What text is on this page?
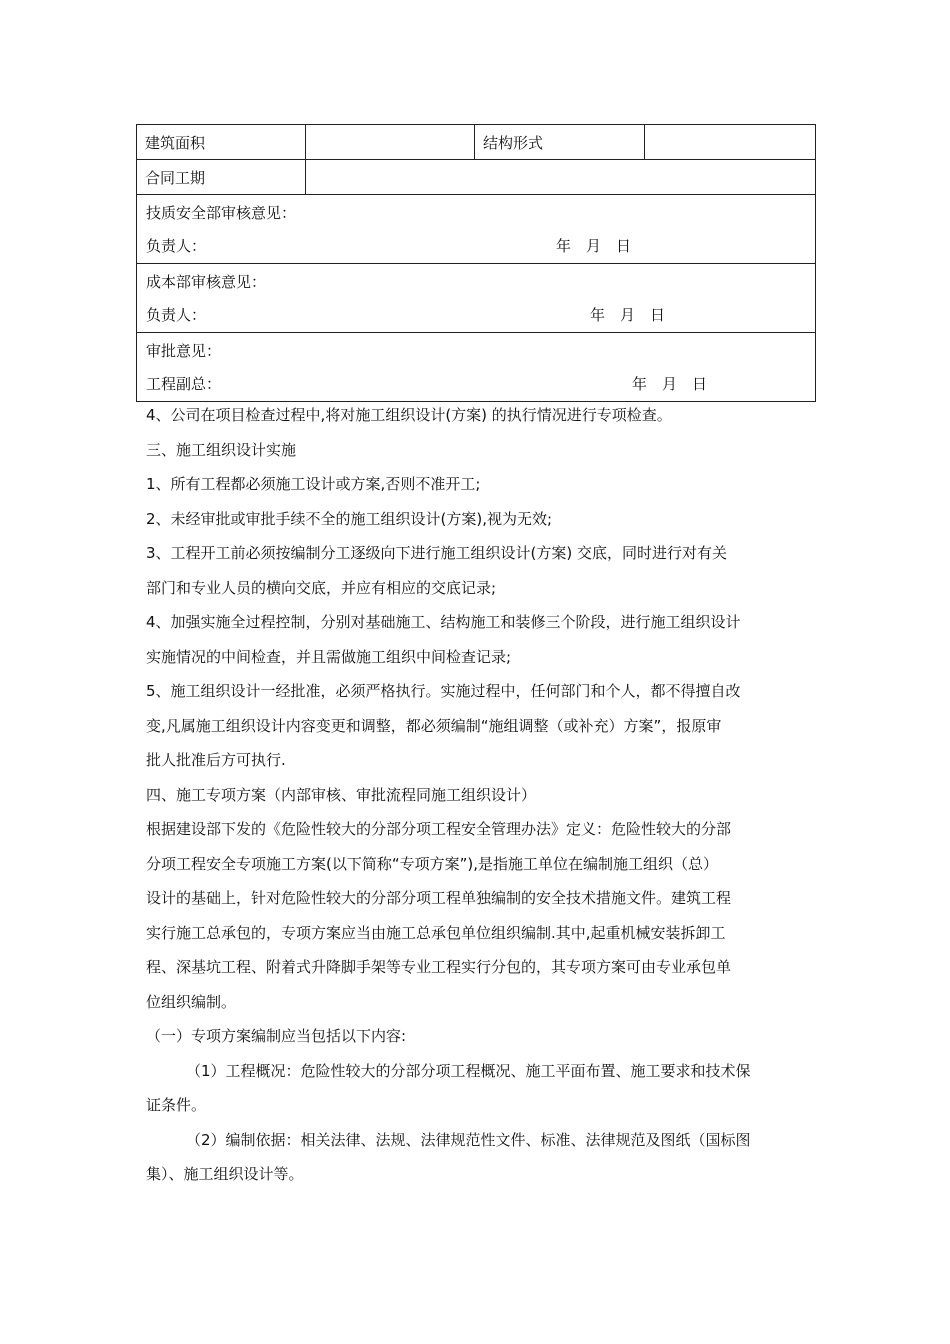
建筑面积		结构形式	
合同工期			

技质安全部审核意见：
负责人： 年　月　日			

成本部审核意见：
负责人： 年　月　日			

审批意见：
工程副总： 年　月　日			
4、公司在项目检查过程中,将对施工组织设计(方案) 的执行情况进行专项检查。
三、施工组织设计实施
1、所有工程都必须施工设计或方案,否则不准开工;
2、未经审批或审批手续不全的施工组织设计(方案),视为无效;
3、工程开工前必须按编制分工逐级向下进行施工组织设计(方案) 交底，同时进行对有关
部门和专业人员的横向交底，并应有相应的交底记录;
4、加强实施全过程控制，分别对基础施工、结构施工和装修三个阶段，进行施工组织设计
实施情况的中间检查，并且需做施工组织中间检查记录;
5、施工组织设计一经批准，必须严格执行。实施过程中，任何部门和个人，都不得擅自改
变,凡属施工组织设计内容变更和调整，都必须编制“施组调整（或补充）方案”，报原审
批人批准后方可执行.
四、施工专项方案（内部审核、审批流程同施工组织设计）
根据建设部下发的《危险性较大的分部分项工程安全管理办法》定义：危险性较大的分部
分项工程安全专项施工方案(以下简称“专项方案”),是指施工单位在编制施工组织（总）
设计的基础上，针对危险性较大的分部分项工程单独编制的安全技术措施文件。建筑工程
实行施工总承包的，专项方案应当由施工总承包单位组织编制.其中,起重机械安装拆卸工
程、深基坑工程、附着式升降脚手架等专业工程实行分包的，其专项方案可由专业承包单
位组织编制。
（一）专项方案编制应当包括以下内容:
（1）工程概况：危险性较大的分部分项工程概况、施工平面布置、施工要求和技术保
证条件。
（2）编制依据：相关法律、法规、法律规范性文件、标准、法律规范及图纸（国标图
集）、施工组织设计等。
